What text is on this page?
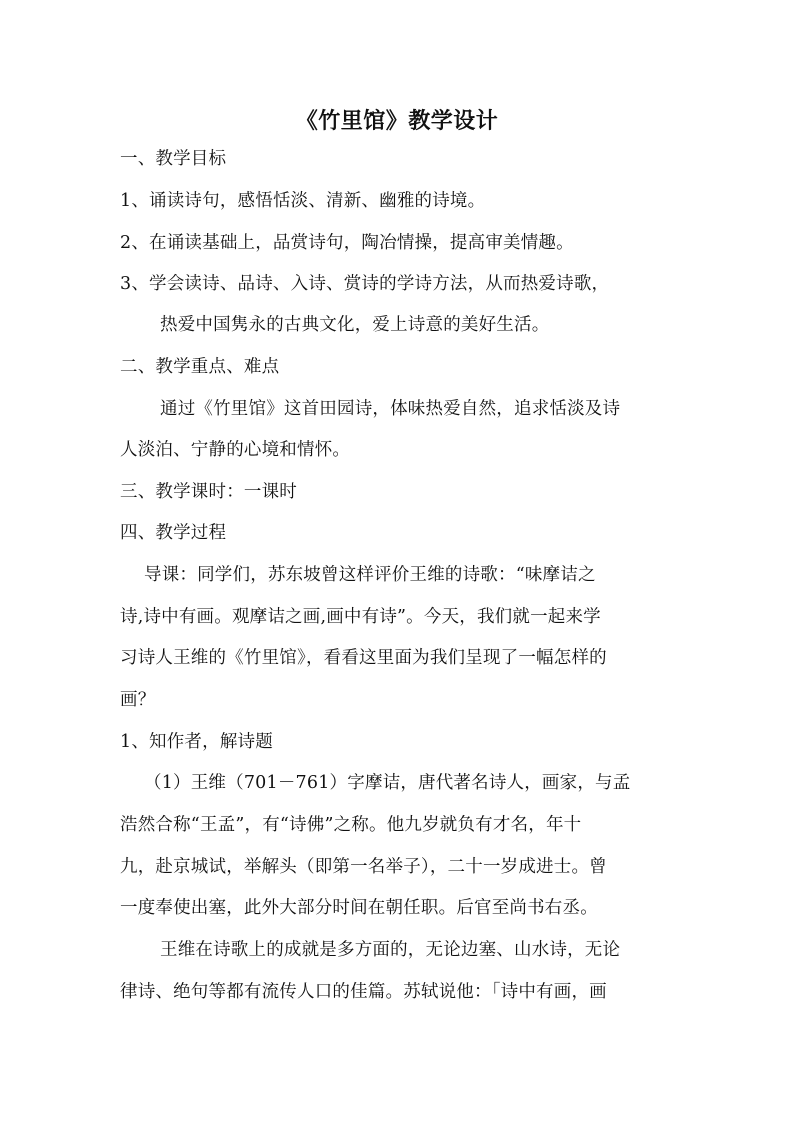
《竹里馆》教学设计
一、教学目标
1、诵读诗句，感悟恬淡、清新、幽雅的诗境。
2、在诵读基础上，品赏诗句，陶冶情操，提高审美情趣。
3、学会读诗、品诗、入诗、赏诗的学诗方法，从而热爱诗歌，
热爱中国隽永的古典文化，爱上诗意的美好生活。
二、教学重点、难点
通过《竹里馆》这首田园诗，体味热爱自然，追求恬淡及诗
人淡泊、宁静的心境和情怀。
三、教学课时：一课时
四、教学过程
导课：同学们，苏东坡曾这样评价王维的诗歌：“味摩诘之
诗,诗中有画。观摩诘之画,画中有诗”。今天，我们就一起来学
习诗人王维的《竹里馆》，看看这里面为我们呈现了一幅怎样的
画？
1、知作者，解诗题
（1）王维（701－761）字摩诘，唐代著名诗人，画家，与孟
浩然合称“王孟”，有“诗佛”之称。他九岁就负有才名，年十
九，赴京城试，举解头（即第一名举子），二十一岁成进士。曾
一度奉使出塞，此外大部分时间在朝任职。后官至尚书右丞。
王维在诗歌上的成就是多方面的，无论边塞、山水诗，无论
律诗、绝句等都有流传人口的佳篇。苏轼说他：「诗中有画，画
